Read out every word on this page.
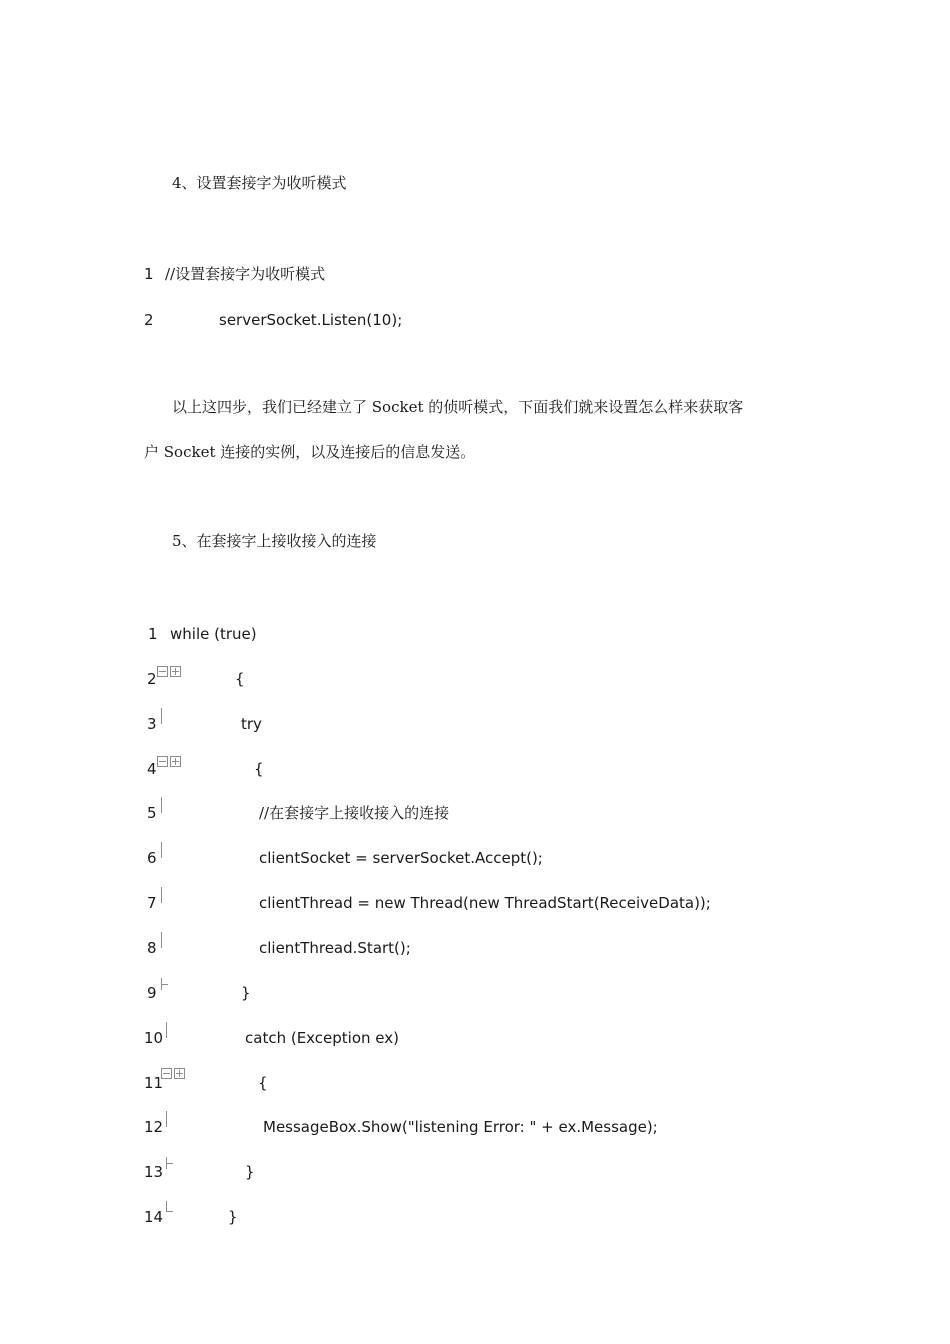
4、设置套接字为收听模式
1 //设置套接字为收听模式
2	serverSocket.Listen(10);
以上这四步，我们已经建立了 Socket 的侦听模式，下面我们就来设置怎么样来获取客
户 Socket 连接的实例，以及连接后的信息发送。
5、在套接字上接收接入的连接
1 while (true)
2	{
3	try
4	{
5	//在套接字上接收接入的连接
6	clientSocket = serverSocket.Accept();
7	clientThread = new Thread(new ThreadStart(ReceiveData));
8	clientThread.Start();
9	}
10	catch (Exception ex)
11	{
12	MessageBox.Show("listening Error: " + ex.Message);
13	}
14	}
